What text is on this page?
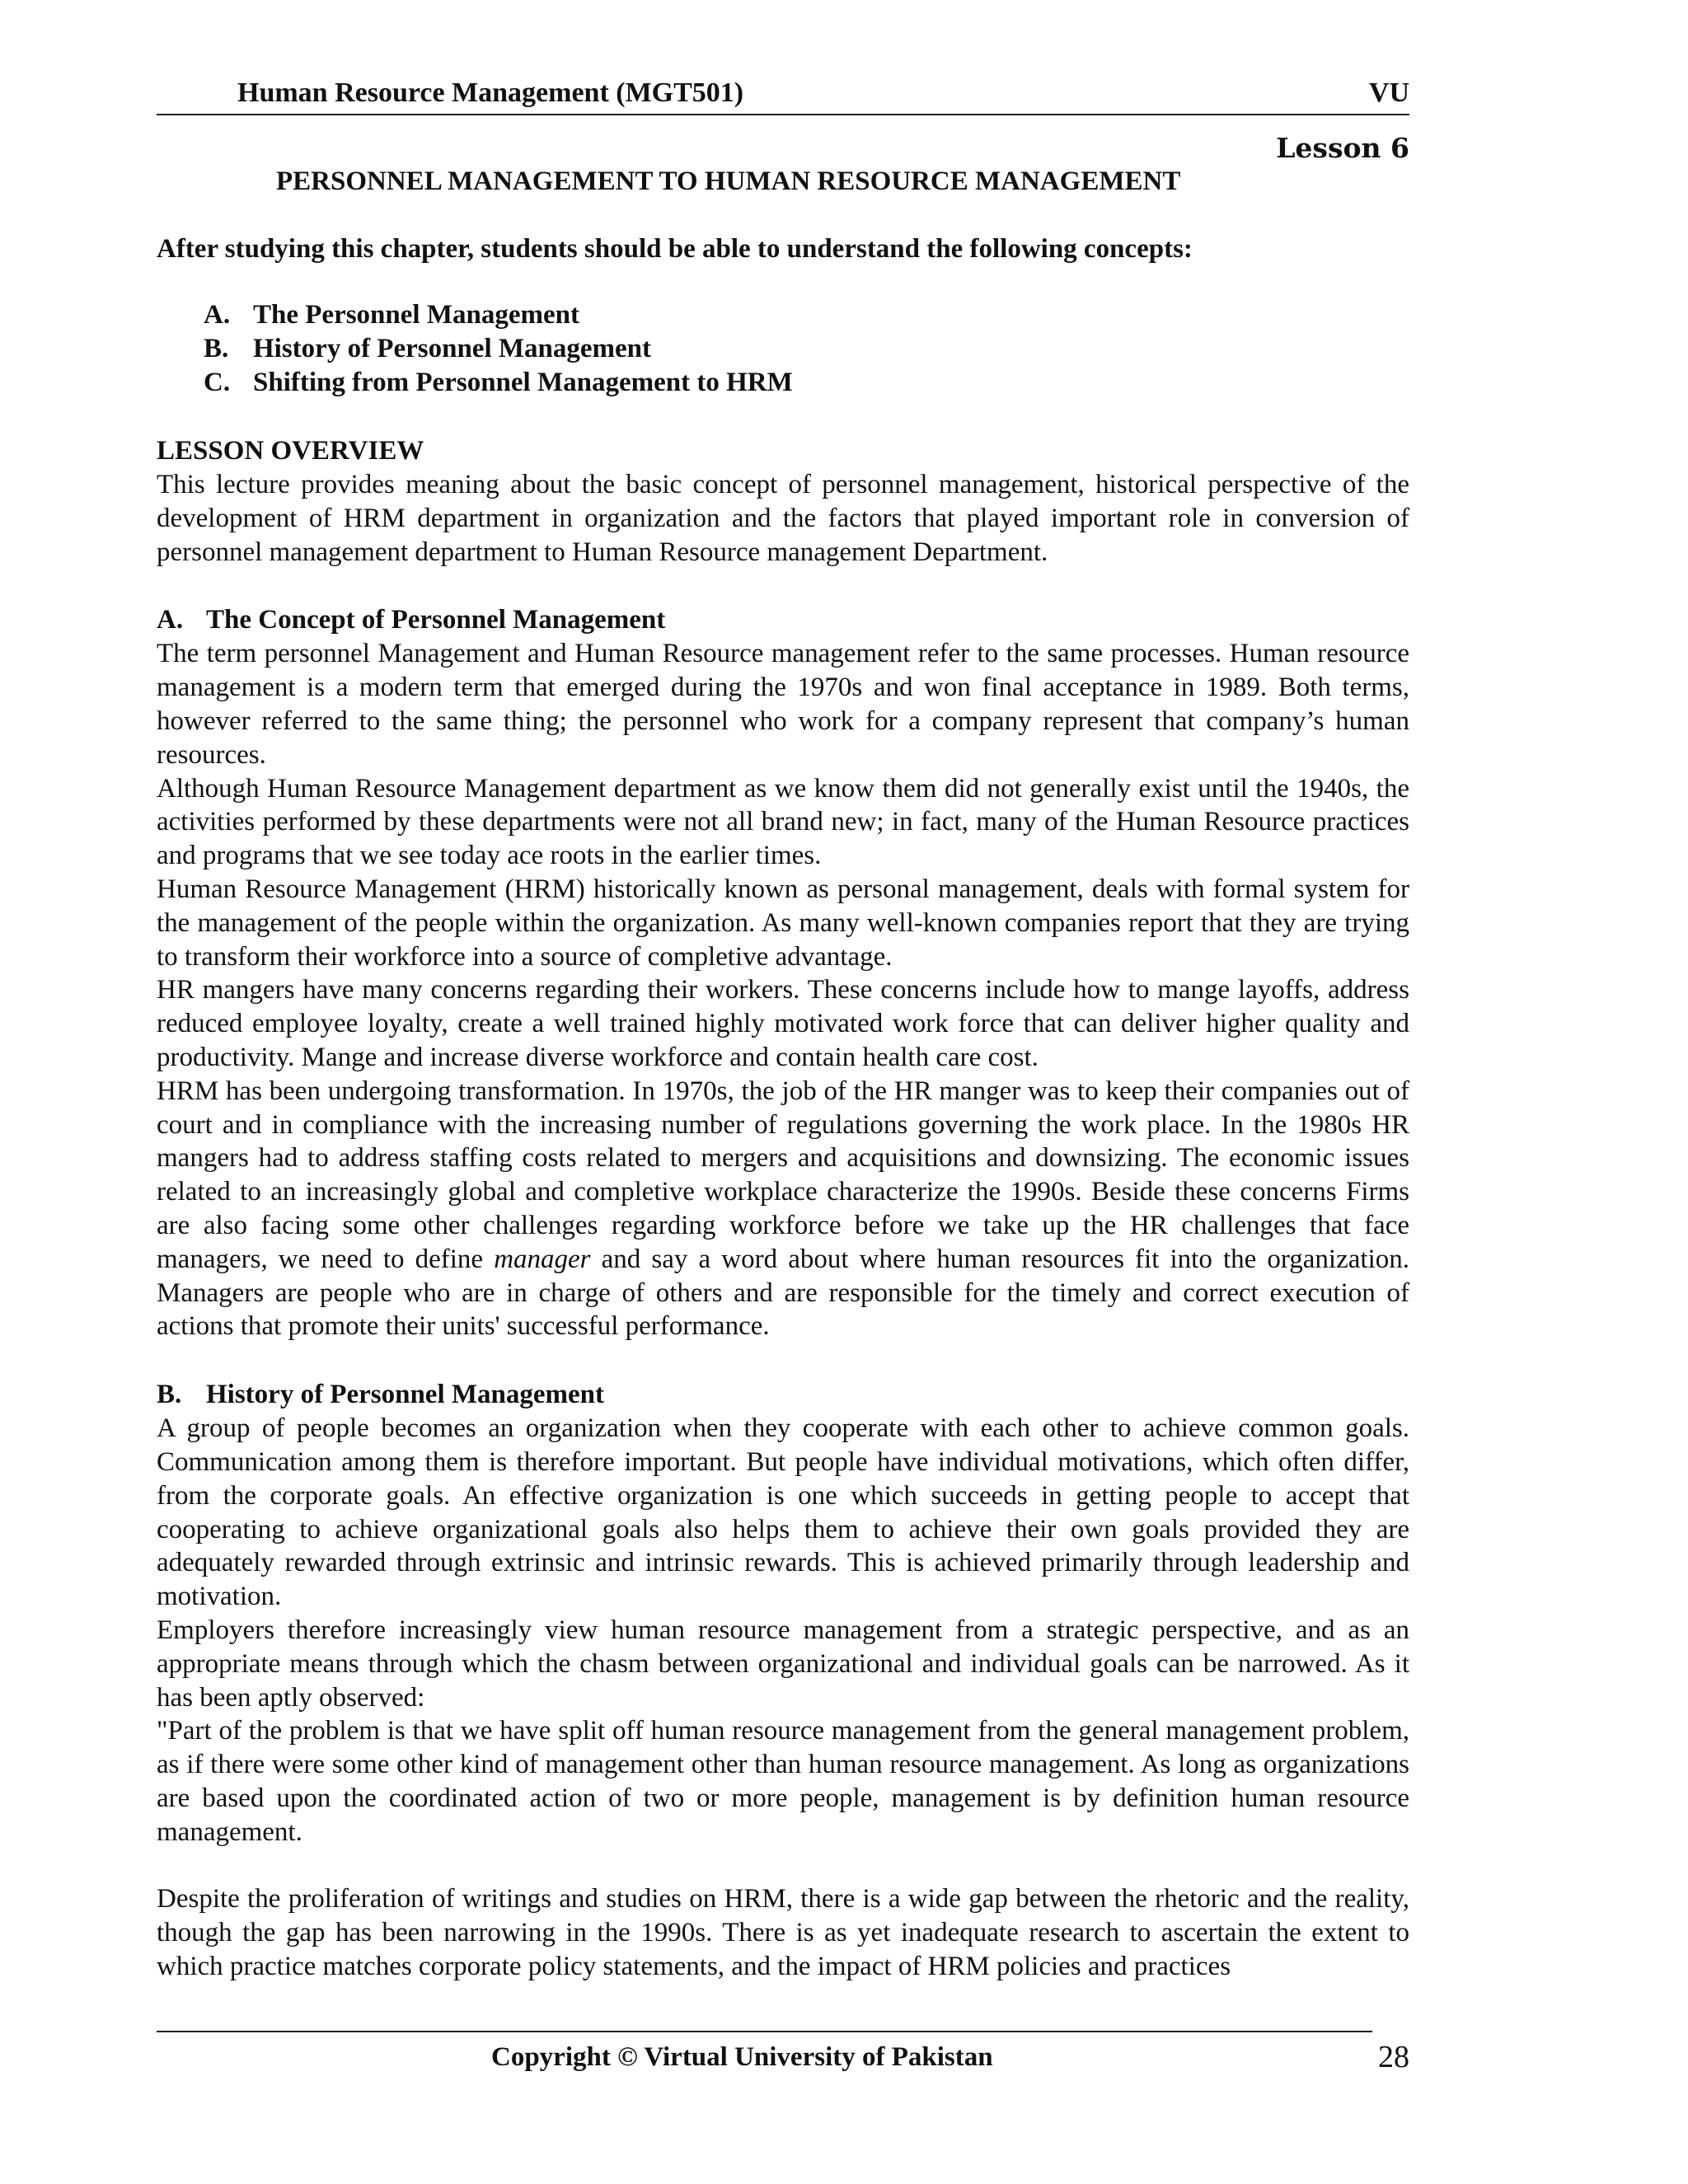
Human Resource Management (MGT501)	VU
Lesson 6
PERSONNEL MANAGEMENT TO HUMAN RESOURCE MANAGEMENT
After studying this chapter, students should be able to understand the following concepts:
A. The Personnel Management
B. History of Personnel Management
C. Shifting from Personnel Management to HRM
LESSON OVERVIEW

This lecture provides meaning about the basic concept of personnel management, historical perspective of the development of HRM department in organization and the factors that played important role in conversion of personnel management department to Human Resource management Department.

A. The Concept of Personnel Management

The term personnel Management and Human Resource management refer to the same processes. Human resource management is a modern term that emerged during the 1970s and won final acceptance in 1989. Both terms, however referred to the same thing; the personnel who work for a company represent that company’s human resources.

Although Human Resource Management department as we know them did not generally exist until the 1940s, the activities performed by these departments were not all brand new; in fact, many of the Human Resource practices and programs that we see today ace roots in the earlier times.

Human Resource Management (HRM) historically known as personal management, deals with formal system for the management of the people within the organization. As many well-known companies report that they are trying to transform their workforce into a source of completive advantage.

HR mangers have many concerns regarding their workers. These concerns include how to mange layoffs, address reduced employee loyalty, create a well trained highly motivated work force that can deliver higher quality and productivity. Mange and increase diverse workforce and contain health care cost.

HRM has been undergoing transformation. In 1970s, the job of the HR manger was to keep their companies out of court and in compliance with the increasing number of regulations governing the work place. In the 1980s HR mangers had to address staffing costs related to mergers and acquisitions and downsizing. The economic issues related to an increasingly global and completive workplace characterize the 1990s. Beside these concerns Firms are also facing some other challenges regarding workforce before we take up the HR challenges that face managers, we need to define manager and say a word about where human resources fit into the organization. Managers are people who are in charge of others and are responsible for the timely and correct execution of actions that promote their units' successful performance.

B. History of Personnel Management

A group of people becomes an organization when they cooperate with each other to achieve common goals. Communication among them is therefore important. But people have individual motivations, which often differ, from the corporate goals. An effective organization is one which succeeds in getting people to accept that cooperating to achieve organizational goals also helps them to achieve their own goals provided they are adequately rewarded through extrinsic and intrinsic rewards. This is achieved primarily through leadership and motivation.

Employers therefore increasingly view human resource management from a strategic perspective, and as an appropriate means through which the chasm between organizational and individual goals can be narrowed. As it has been aptly observed:

"Part of the problem is that we have split off human resource management from the general management problem, as if there were some other kind of management other than human resource management. As long as organizations are based upon the coordinated action of two or more people, management is by definition human resource management.

Despite the proliferation of writings and studies on HRM, there is a wide gap between the rhetoric and the reality, though the gap has been narrowing in the 1990s. There is as yet inadequate research to ascertain the extent to which practice matches corporate policy statements, and the impact of HRM policies and practices

Copyright © Virtual University of Pakistan	28
